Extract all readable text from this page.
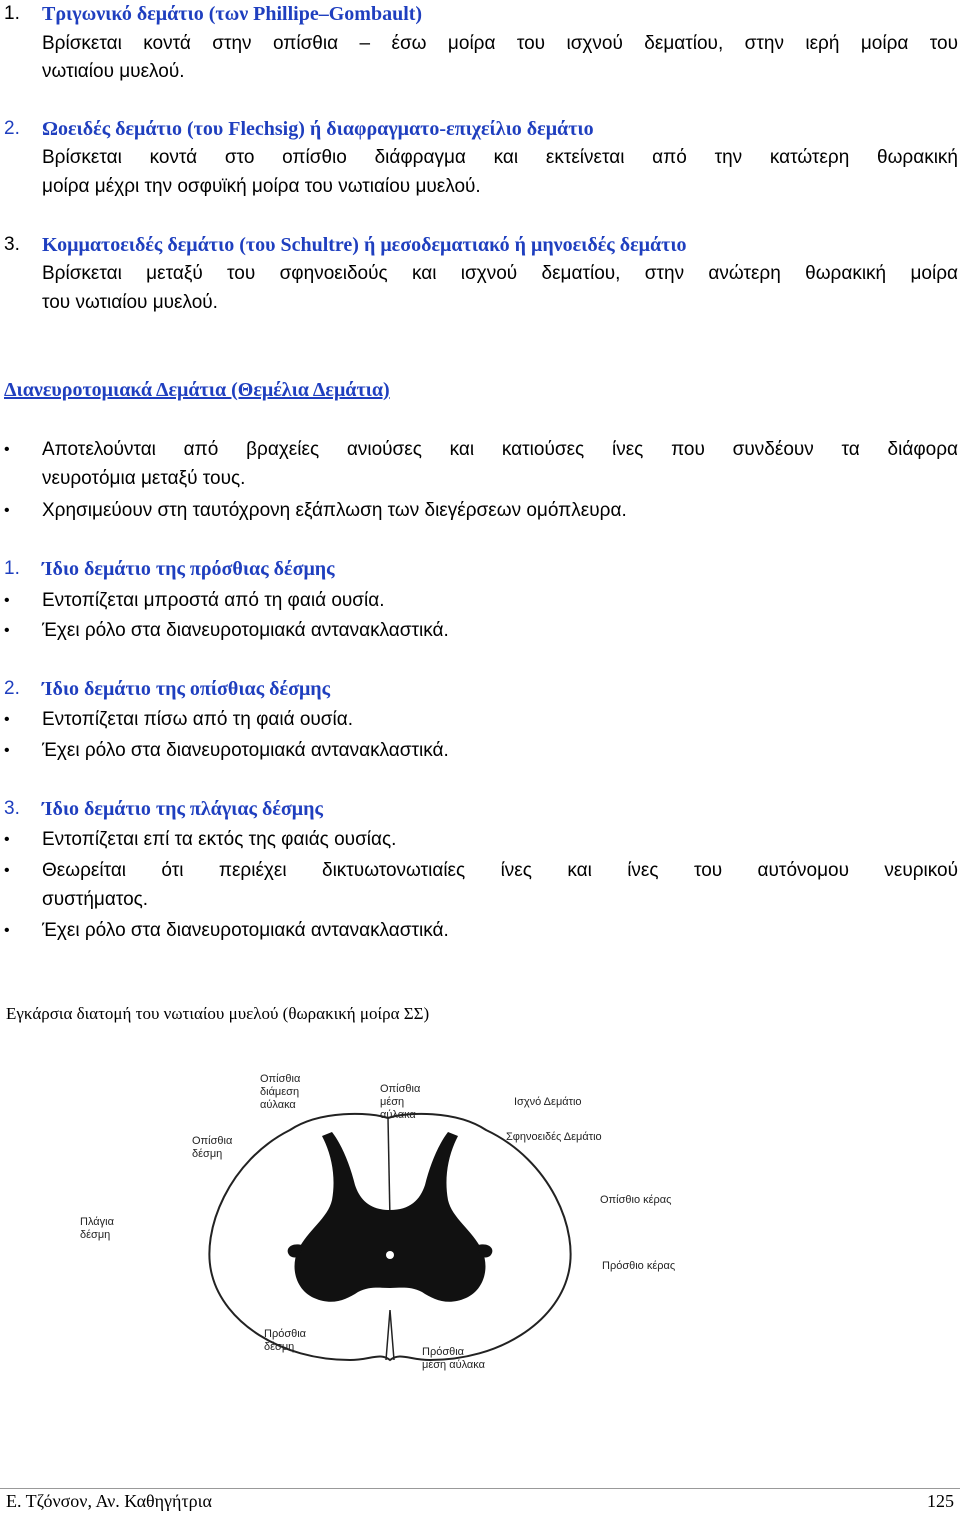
1. Τριγωνικό δεμάτιο (των Phillipe–Gombault)
Βρίσκεται κοντά στην οπίσθια – έσω μοίρα του ισχνού δεματίου, στην ιερή μοίρα του
νωτιαίου μυελού.
2. Ωοειδές δεμάτιο (του Flechsig) ή διαφραγματο-επιχείλιο δεμάτιο
Βρίσκεται κοντά στο οπίσθιο διάφραγμα και εκτείνεται από την κατώτερη θωρακική
μοίρα μέχρι την οσφυϊκή μοίρα του νωτιαίου μυελού.
3. Κομματοειδές δεμάτιο (του Schultre) ή μεσοδεματιακό ή μηνοειδές δεμάτιο
Βρίσκεται μεταξύ του σφηνοειδούς και ισχνού δεματίου, στην ανώτερη θωρακική μοίρα
του νωτιαίου μυελού.
Διανευροτομιακά Δεμάτια (Θεμέλια Δεμάτια)
• Αποτελούνται από βραχείες ανιούσες και κατιούσες ίνες που συνδέουν τα διάφορα
νευροτόμια μεταξύ τους.
• Χρησιμεύουν στη ταυτόχρονη εξάπλωση των διεγέρσεων ομόπλευρα.
1. Ίδιο δεμάτιο της πρόσθιας δέσμης
• Εντοπίζεται μπροστά από τη φαιά ουσία.
• Έχει ρόλο στα διανευροτομιακά αντανακλαστικά.
2. Ίδιο δεμάτιο της οπίσθιας δέσμης
• Εντοπίζεται πίσω από τη φαιά ουσία.
• Έχει ρόλο στα διανευροτομιακά αντανακλαστικά.
3. Ίδιο δεμάτιο της πλάγιας δέσμης
• Εντοπίζεται επί τα εκτός της φαιάς ουσίας.
• Θεωρείται ότι περιέχει δικτυωτονωτιαίες ίνες και ίνες του αυτόνομου νευρικού
συστήματος.
• Έχει ρόλο στα διανευροτομιακά αντανακλαστικά.
Εγκάρσια διατομή του νωτιαίου μυελού (θωρακική μοίρα ΣΣ)
Οπίσθια
διάμεση
αύλακα
Οπίσθια
μέση
αύλακα
Ισχνό Δεμάτιο
Σφηνοειδές Δεμάτιο
Οπίσθια
δέσμη
Οπίσθιο κέρας
Πλάγια
δέσμη
Πρόσθιο κέρας
Πρόσθια
δέσμη	Πρόσθια
μέση αύλακα
Ε. Τζόνσον, Αν. Καθηγήτρια	125
